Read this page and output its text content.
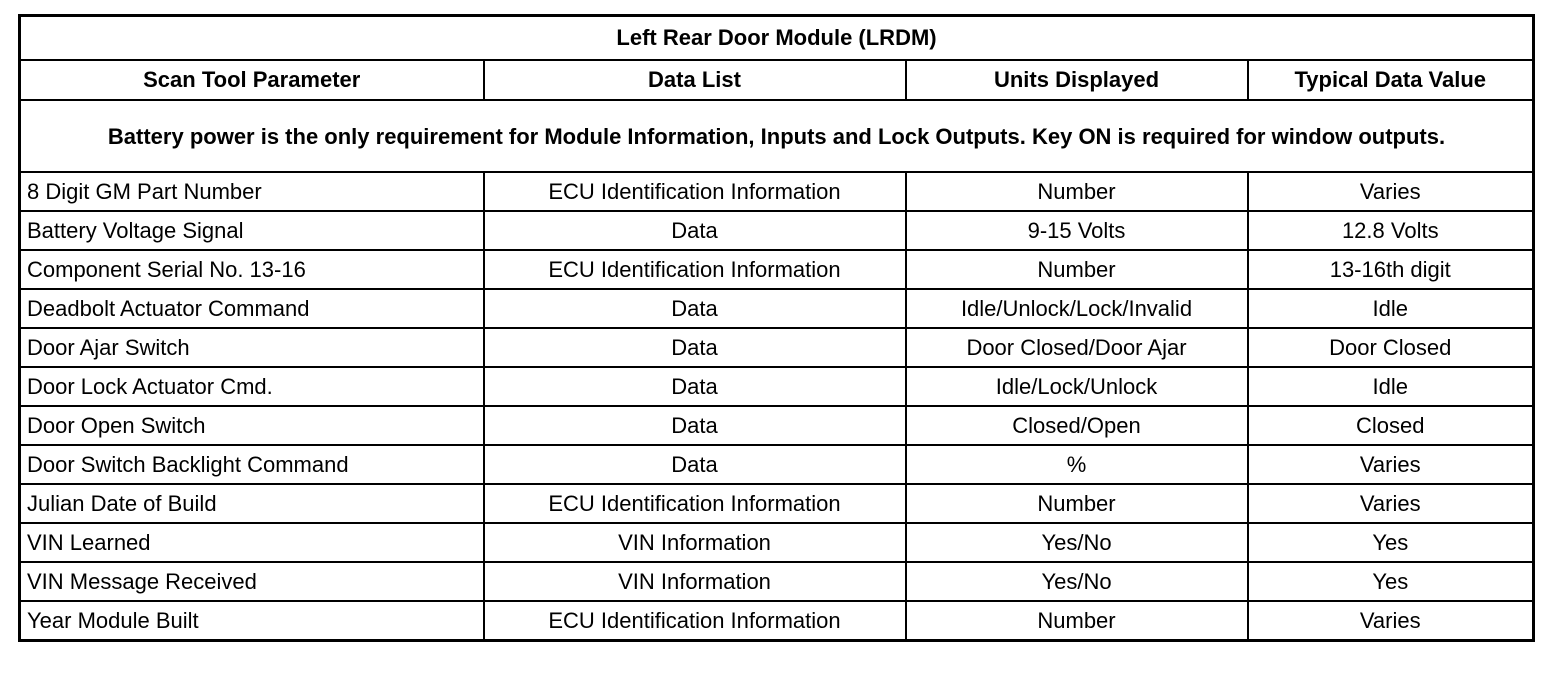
Left Rear Door Module (LRDM)			
Scan Tool Parameter	Data List	Units Displayed	Typical Data Value
Battery power is the only requirement for Module Information, Inputs and Lock Outputs. Key ON is required for window outputs.			
8 Digit GM Part Number	ECU Identification Information	Number	Varies
Battery Voltage Signal	Data	9-15 Volts	12.8 Volts
Component Serial No. 13-16	ECU Identification Information	Number	13-16th digit
Deadbolt Actuator Command	Data	Idle/Unlock/Lock/Invalid	Idle
Door Ajar Switch	Data	Door Closed/Door Ajar	Door Closed
Door Lock Actuator Cmd.	Data	Idle/Lock/Unlock	Idle
Door Open Switch	Data	Closed/Open	Closed
Door Switch Backlight Command	Data	%	Varies
Julian Date of Build	ECU Identification Information	Number	Varies
VIN Learned	VIN Information	Yes/No	Yes
VIN Message Received	VIN Information	Yes/No	Yes
Year Module Built	ECU Identification Information	Number	Varies
